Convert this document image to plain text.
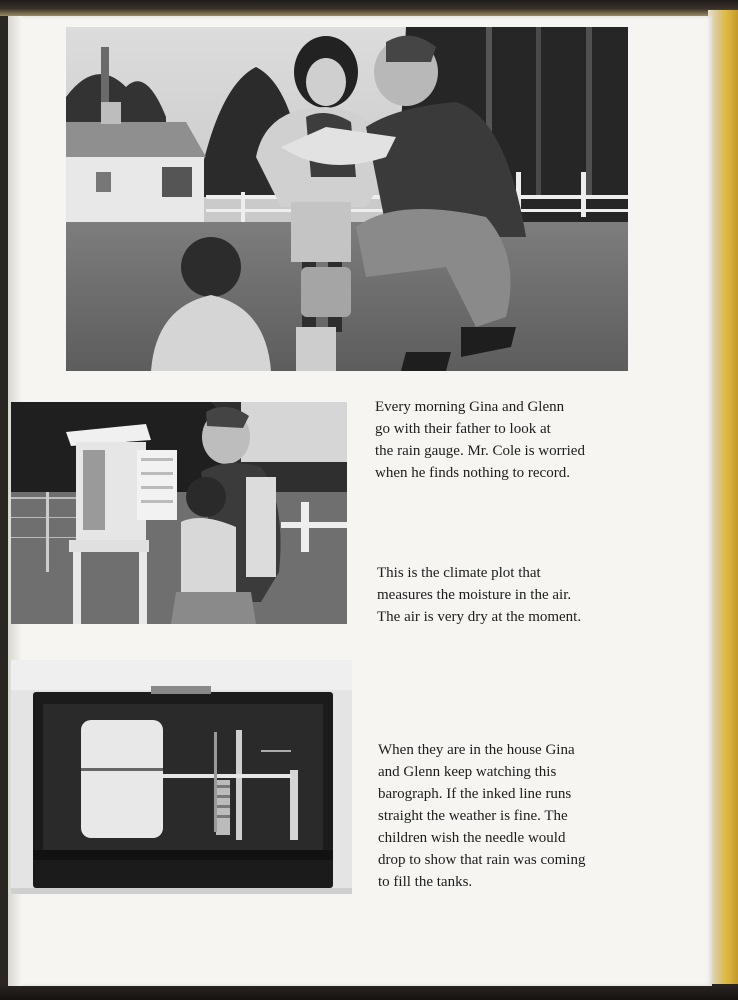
Every morning Gina and Glenn
go with their father to look at
the rain gauge. Mr. Cole is worried
when he finds nothing to record.

This is the climate plot that
measures the moisture in the air.
The air is very dry at the moment.

When they are in the house Gina
and Glenn keep watching this
barograph. If the inked line runs
straight the weather is fine. The
children wish the needle would
drop to show that rain was coming
to fill the tanks.
